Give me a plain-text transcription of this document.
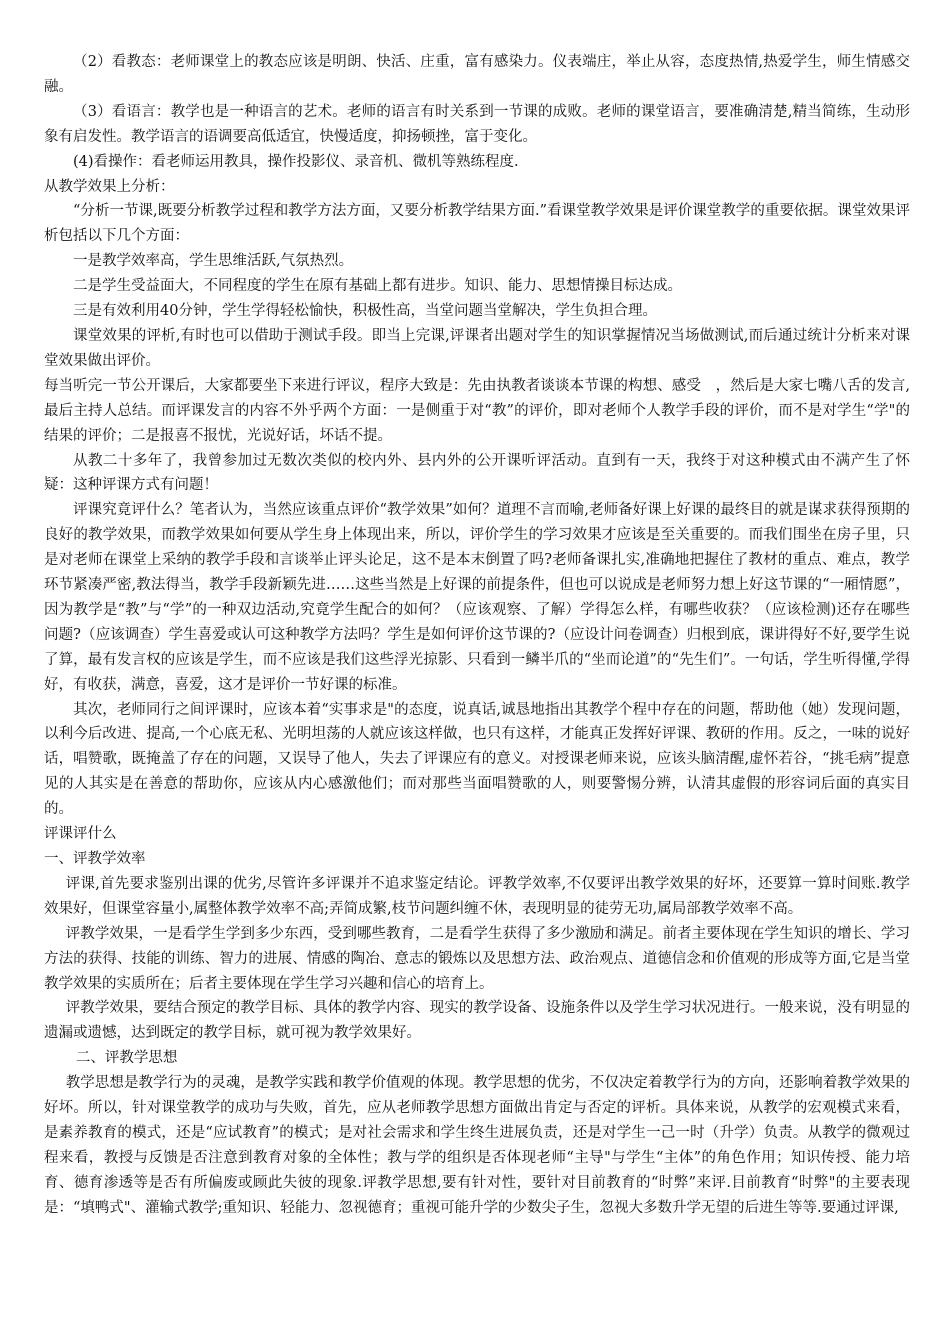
（2）看教态：老师课堂上的教态应该是明朗、快活、庄重，富有感染力。仪表端庄，举止从容，态度热情,热爱学生，师生情感交融。

（3）看语言：教学也是一种语言的艺术。老师的语言有时关系到一节课的成败。老师的课堂语言，要准确清楚,精当简练，生动形象有启发性。教学语言的语调要高低适宜，快慢适度，抑扬顿挫，富于变化。

(4)看操作：看老师运用教具，操作投影仪、录音机、微机等熟练程度.

从教学效果上分析：

“分析一节课,既要分析教学过程和教学方法方面，又要分析教学结果方面.”看课堂教学效果是评价课堂教学的重要依据。课堂效果评析包括以下几个方面：

一是教学效率高，学生思维活跃,气氛热烈。

二是学生受益面大，不同程度的学生在原有基础上都有进步。知识、能力、思想情操目标达成。

三是有效利用40分钟，学生学得轻松愉快，积极性高，当堂问题当堂解决，学生负担合理。

课堂效果的评析,有时也可以借助于测试手段。即当上完课,评课者出题对学生的知识掌握情况当场做测试,而后通过统计分析来对课堂效果做出评价。

每当听完一节公开课后，大家都要坐下来进行评议，程序大致是：先由执教者谈谈本节课的构想、感受　，然后是大家七嘴八舌的发言,最后主持人总结。而评课发言的内容不外乎两个方面：一是侧重于对“教”的评价，即对老师个人教学手段的评价，而不是对学生“学"的结果的评价；二是报喜不报忧，光说好话，坏话不提。

从教二十多年了，我曾参加过无数次类似的校内外、县内外的公开课听评活动。直到有一天，我终于对这种模式由不满产生了怀疑：这种评课方式有问题！

评课究竟评什么？笔者认为，当然应该重点评价“教学效果”如何？道理不言而喻,老师备好课上好课的最终目的就是谋求获得预期的良好的教学效果，而教学效果如何要从学生身上体现出来，所以，评价学生的学习效果才应该是至关重要的。而我们围坐在房子里，只是对老师在课堂上采纳的教学手段和言谈举止评头论足，这不是本末倒置了吗?老师备课扎实,准确地把握住了教材的重点、难点，教学环节紧凑严密,教法得当，教学手段新颖先进……这些当然是上好课的前提条件，但也可以说成是老师努力想上好这节课的“一厢情愿”，因为教学是“教”与“学”的一种双边活动,究竟学生配合的如何？（应该观察、了解）学得怎么样，有哪些收获？（应该检测)还存在哪些问题?（应该调查）学生喜爱或认可这种教学方法吗？学生是如何评价这节课的?（应设计问卷调查）归根到底，课讲得好不好,要学生说了算，最有发言权的应该是学生，而不应该是我们这些浮光掠影、只看到一鳞半爪的“坐而论道”的“先生们”。一句话，学生听得懂,学得好，有收获，满意，喜爱，这才是评价一节好课的标准。

其次，老师同行之间评课时，应该本着“实事求是"的态度，说真话,诚恳地指出其教学个程中存在的问题，帮助他（她）发现问题，以利今后改进、提高,一个心底无私、光明坦荡的人就应该这样做，也只有这样，才能真正发挥好评课、教研的作用。反之，一味的说好话，唱赞歌，既掩盖了存在的问题，又误导了他人，失去了评课应有的意义。对授课老师来说，应该头脑清醒,虚怀若谷，“挑毛病”提意见的人其实是在善意的帮助你，应该从内心感激他们；而对那些当面唱赞歌的人，则要警惕分辨，认清其虚假的形容词后面的真实目的。

评课评什么

一、评教学效率

评课,首先要求鉴别出课的优劣,尽管许多评课并不追求鉴定结论。评教学效率,不仅要评出教学效果的好坏，还要算一算时间账.教学效果好，但课堂容量小,属整体教学效率不高;弄简成繁,枝节问题纠缠不休，表现明显的徒劳无功,属局部教学效率不高。

评教学效果，一是看学生学到多少东西，受到哪些教育，二是看学生获得了多少激励和满足。前者主要体现在学生知识的增长、学习方法的获得、技能的训练、智力的进展、情感的陶冶、意志的锻炼以及思想方法、政治观点、道德信念和价值观的形成等方面,它是当堂教学效果的实质所在；后者主要体现在学生学习兴趣和信心的培育上。

评教学效果，要结合预定的教学目标、具体的教学内容、现实的教学设备、设施条件以及学生学习状况进行。一般来说，没有明显的遗漏或遗憾，达到既定的教学目标，就可视为教学效果好。

二、评教学思想

教学思想是教学行为的灵魂，是教学实践和教学价值观的体现。教学思想的优劣，不仅决定着教学行为的方向，还影响着教学效果的好坏。所以，针对课堂教学的成功与失败，首先，应从老师教学思想方面做出肯定与否定的评析。具体来说，从教学的宏观模式来看，是素养教育的模式，还是“应试教育”的模式；是对社会需求和学生终生进展负责，还是对学生一己一时（升学）负责。从教学的微观过程来看，教授与反馈是否注意到教育对象的全体性；教与学的组织是否体现老师“主导"与学生“主体”的角色作用；知识传授、能力培育、德育渗透等是否有所偏废或顾此失彼的现象.评教学思想,要有针对性，要针对目前教育的“时弊”来评.目前教育“时弊"的主要表现是：“填鸭式"、灌输式教学;重知识、轻能力、忽视德育；重视可能升学的少数尖子生，忽视大多数升学无望的后进生等等.要通过评课,
